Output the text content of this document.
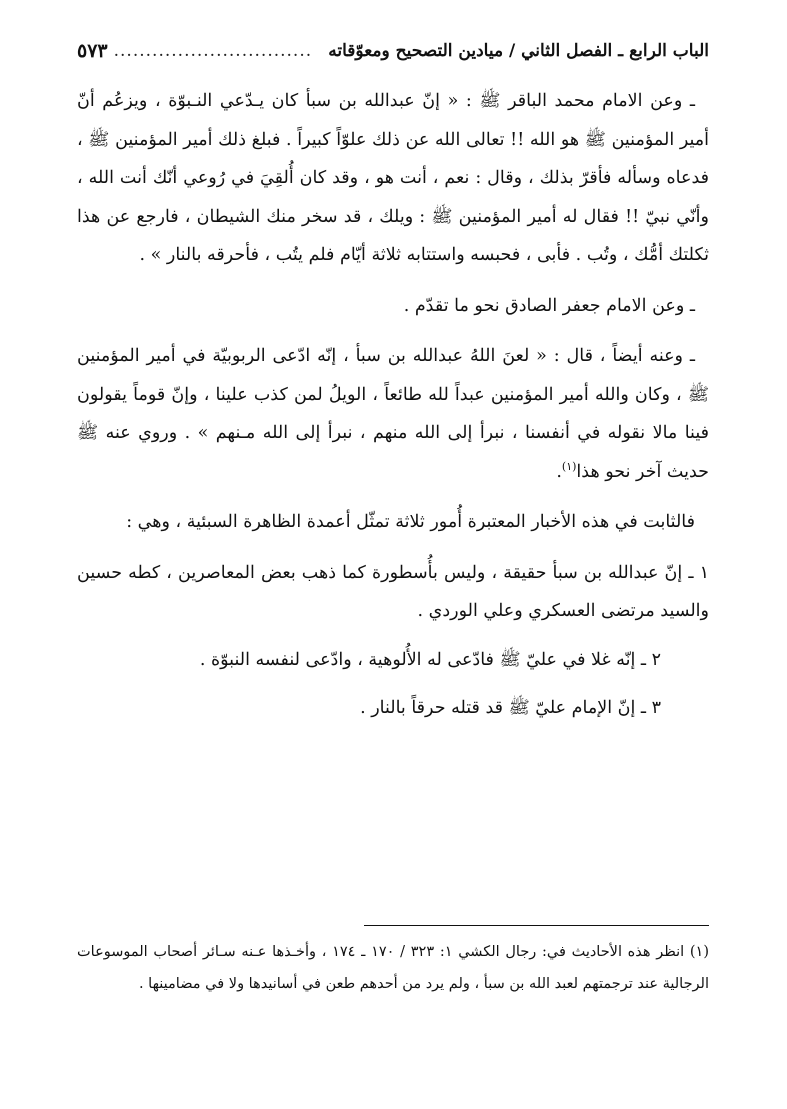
الباب الرابع ـ الفصل الثاني / ميادين التصحيح ومعوّقاته
...............................
٥٧٣

ـ وعن الامام محمد الباقر ﷺ : « إنّ عبدالله بن سبأ كان يـدّعي النـبوّة ، ويزعُم أنّ أمير المؤمنين ﷺ هو الله !! تعالى الله عن ذلك علوّاً كبيراً . فبلغ ذلك أمير المؤمنين ﷺ ، فدعاه وسأله فأقرّ بذلك ، وقال : نعم ، أنت هو ، وقد كان أُلقِيَ في رُوعي أنّك أنت الله ، وأنّي نبيّ !! فقال له أمير المؤمنين ﷺ : ويلك ، قد سخر منك الشيطان ، فارجع عن هذا ثكلتك أمُّك ، وتُب . فأبى ، فحبسه واستتابه ثلاثة أيّام فلم يتُب ، فأحرقه بالنار » .

ـ وعن الامام جعفر الصادق نحو ما تقدّم .

ـ وعنه أيضاً ، قال : « لعنَ اللهُ عبدالله بن سبأ ، إنّه ادّعى الربوبيّة في أمير المؤمنين ﷺ ، وكان والله أمير المؤمنين عبداً لله طائعاً ، الويلُ لمن كذب علينا ، وإنّ قوماً يقولون فينا مالا نقوله في أنفسنا ، نبرأ إلى الله منهم ، نبرأ إلى الله مـنهم » . وروي عنه ﷺ حديث آخر نحو هذا$^{(١)}$.

فالثابت في هذه الأخبار المعتبرة أُمور ثلاثة تمثّل أعمدة الظاهرة السبئية ، وهي :

١ ـ إنّ عبدالله بن سبأ حقيقة ، وليس بأُسطورة كما ذهب بعض المعاصرين ، كطه حسين والسيد مرتضى العسكري وعلي الوردي .

٢ ـ إنّه غلا في عليّ ﷺ فادّعى له الأُلوهية ، وادّعى لنفسه النبوّة .

٣ ـ إنّ الإمام عليّ ﷺ قد قتله حرقاً بالنار .

(١) انظر هذه الأحاديث في: رجال الكشي ١: ٣٢٣ / ١٧٠ ـ ١٧٤ ، وأخـذها عـنه سـائر أصحاب الموسوعات الرجالية عند ترجمتهم لعبد الله بن سبأ ، ولم يرد من أحدهم طعن في أسانيدها ولا في مضامينها .
